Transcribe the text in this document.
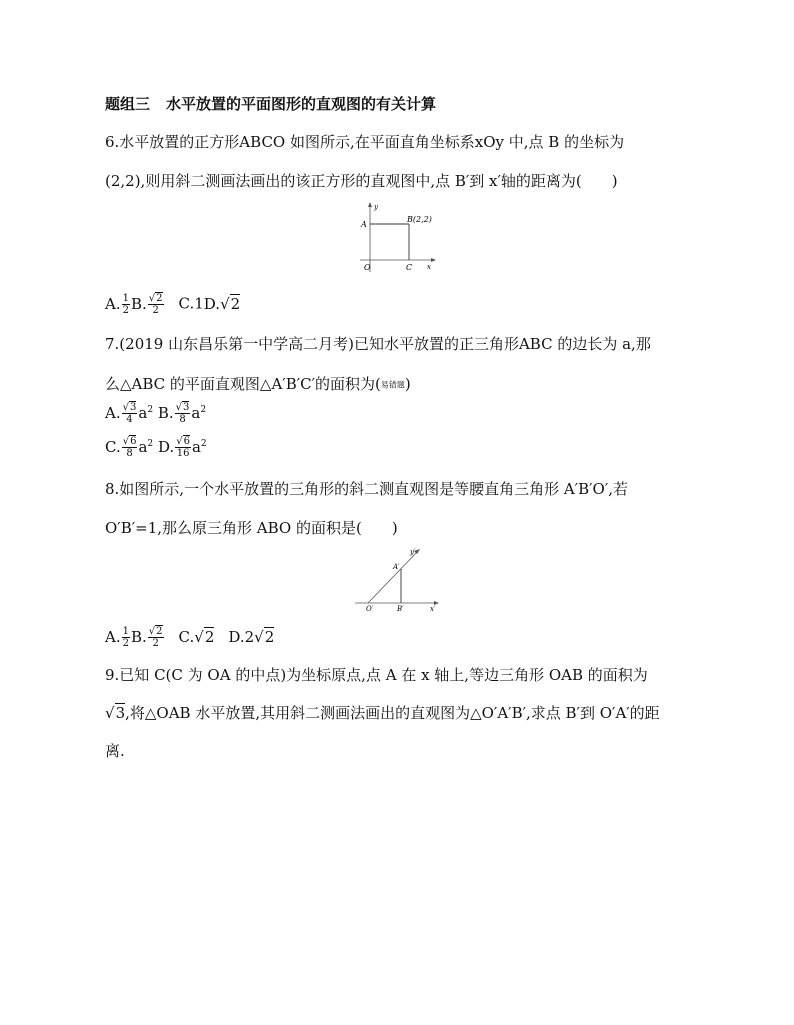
题组三 水平放置的平面图形的直观图的有关计算
6.水平放置的正方形ABCO 如图所示,在平面直角坐标系xOy 中,点 B 的坐标为
(2,2),则用斜二测画法画出的该正方形的直观图中,点 B′到 x′轴的距离为( )
y
A
B(2,2)
O	C x
A. $\frac{1}{2} B$. $\frac{√2}{2} C.1D.√2$
7.(2019 山东昌乐第一中学高二月考)已知水平放置的正三角形ABC 的边长为 a,那
么△ABC 的平面直观图△A′B′C′的面积为(易错题)
A. $\frac{√3}{4} a^2$ B. $\frac{√3}{8} a^2$
C. $\frac{√6}{8} a^2$ D. $\frac{√6}{16} a^2$
8.如图所示,一个水平放置的三角形的斜二测直观图是等腰直角三角形 A′B′O′,若
O′B′=1,那么原三角形 ABO 的面积是( )
y′
A′
O′	B′	x′
A. $\frac{1}{2} B$. $\frac{√2}{2} C.√2$ D.2√2
9.已知 C(C 为 OA 的中点)为坐标原点,点 A 在 x 轴上,等边三角形 OAB 的面积为
√3,将△OAB 水平放置,其用斜二测画法画出的直观图为△O′A′B′,求点 B′到 O′A′的距
离.
